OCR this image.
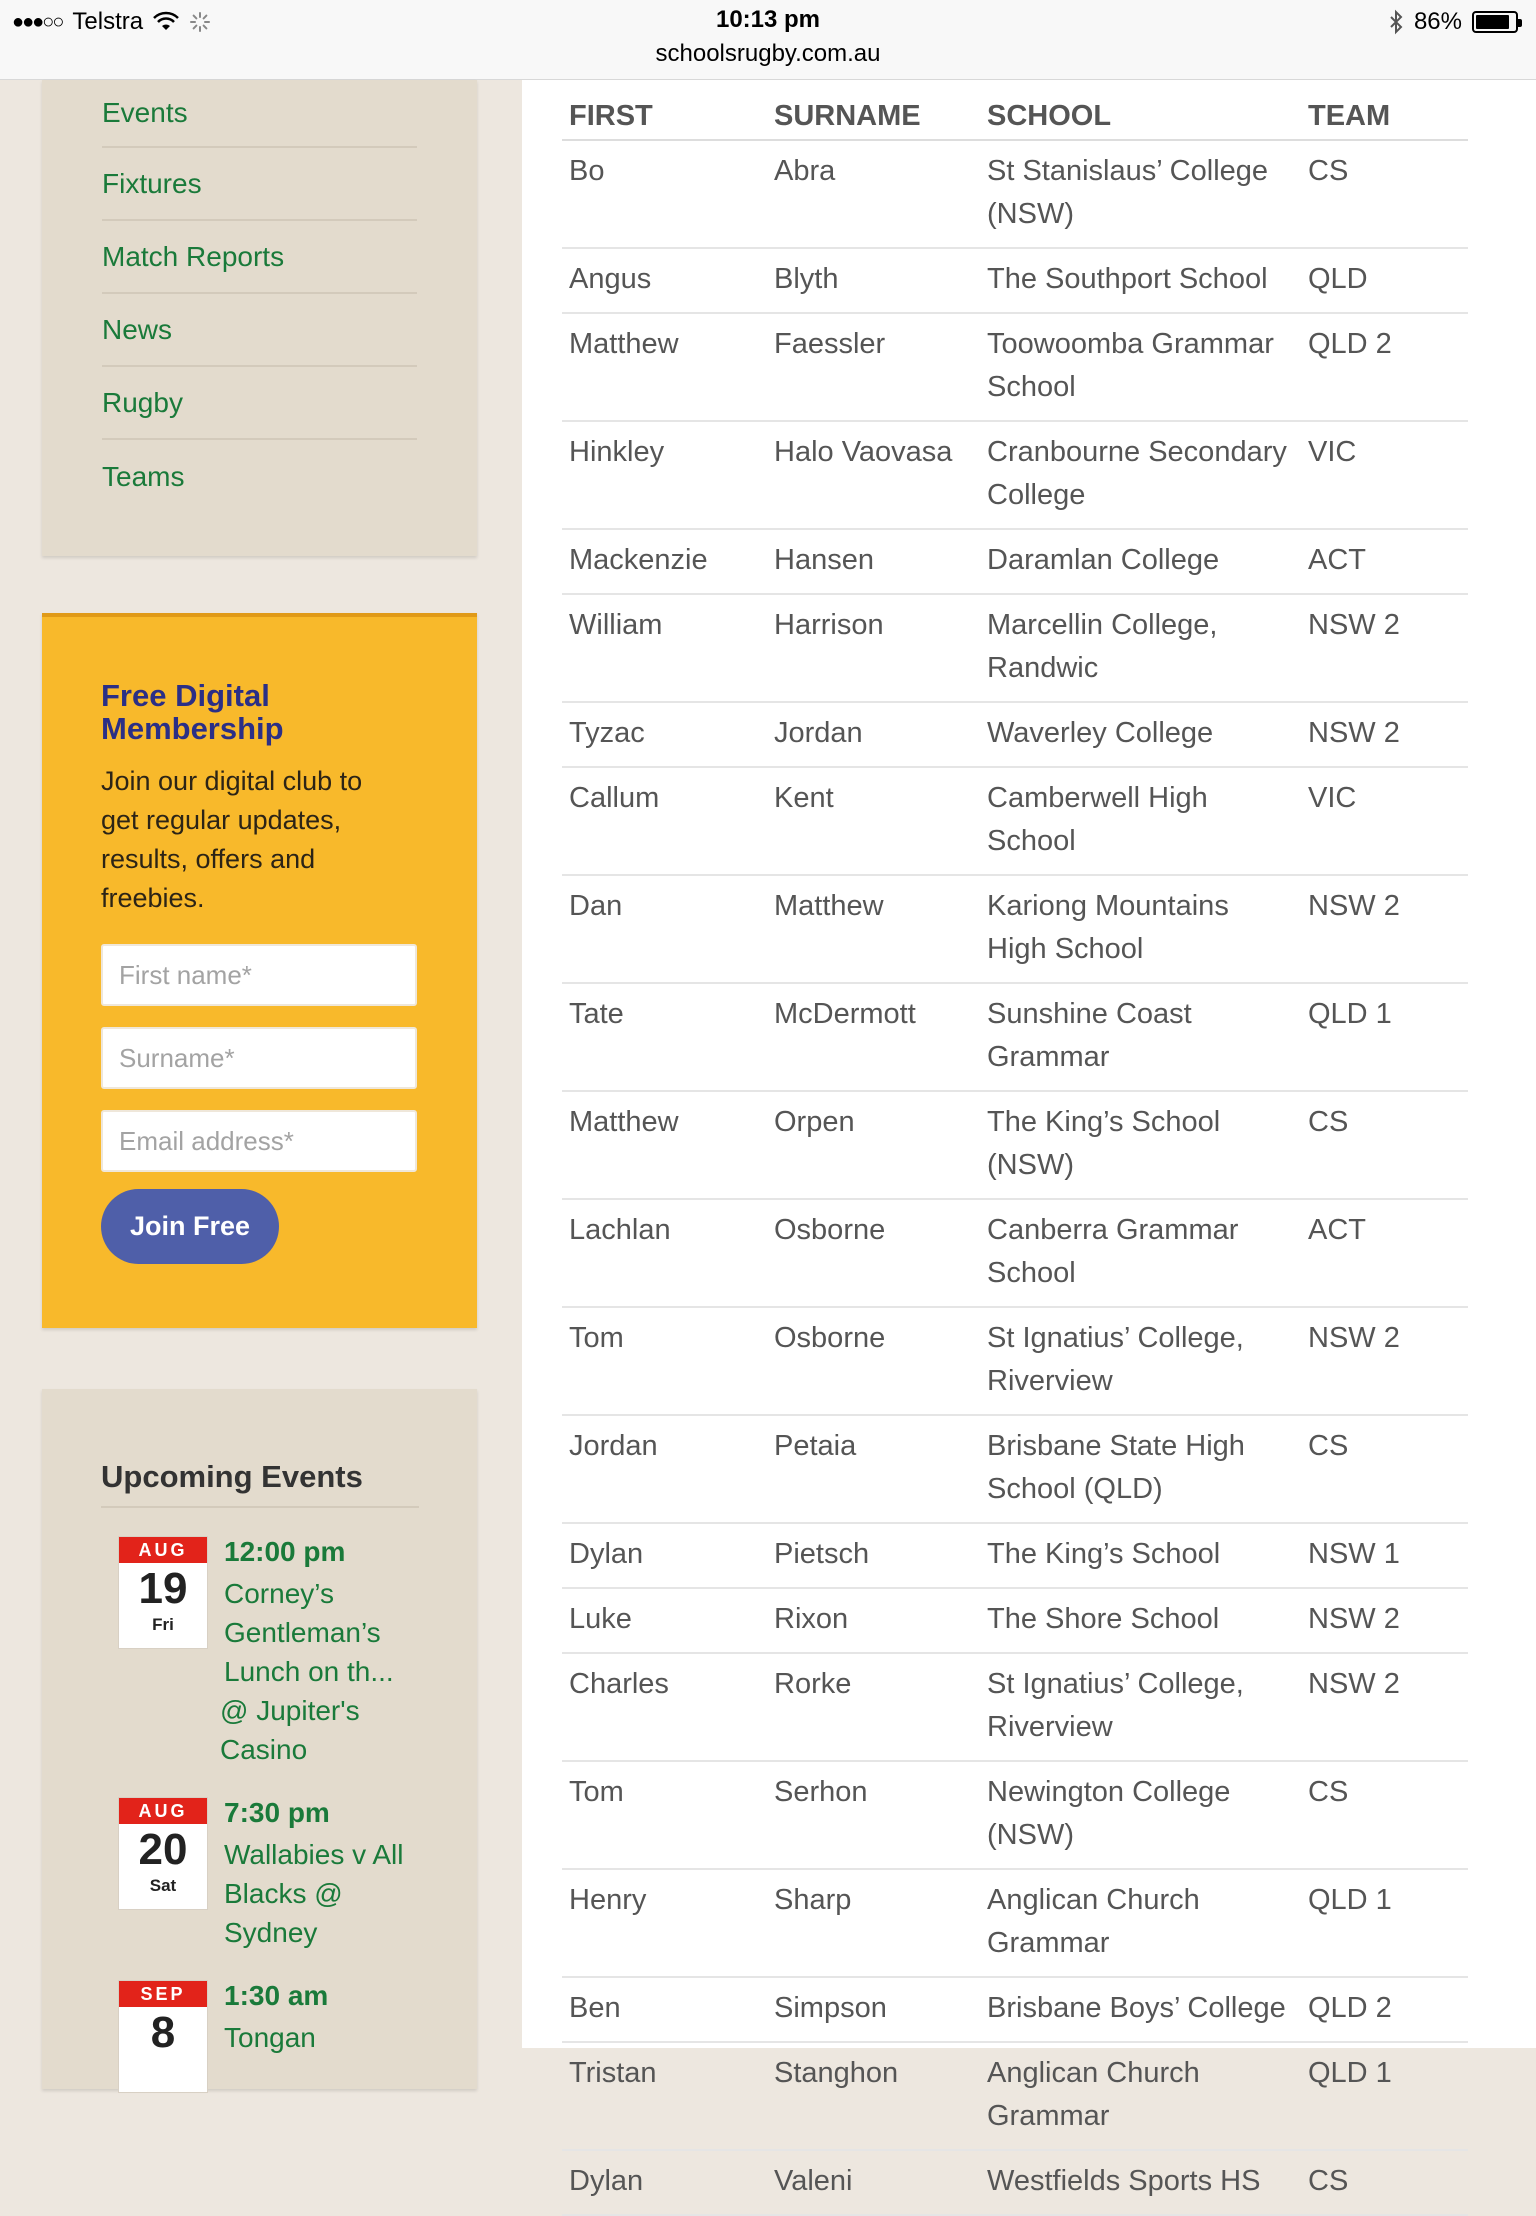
●●●○○ Telstra	10:13 pm
schoolsrugby.com.au
86%
Events
Fixtures
Match Reports
News
Rugby
Teams
Free Digital Membership
Join our digital club to get regular updates, results, offers and freebies.
First name*
Surname*
Email address*
Join Free
Upcoming Events
AUG
19
Fri
12:00 pm
Corney’s Gentleman’s Lunch on th...
@ Jupiter's Casino
AUG
20
Sat
7:30 pm
Wallabies v All Blacks @ Sydney
SEP
8
1:30 am
Tongan
FIRST	SURNAME	SCHOOL	TEAM
Bo	Abra	St Stanislaus’ College (NSW)	CS
Angus	Blyth	The Southport School	QLD
Matthew	Faessler	Toowoomba Grammar School	QLD 2
Hinkley	Halo Vaovasa	Cranbourne Secondary College	VIC
Mackenzie	Hansen	Daramlan College	ACT
William	Harrison	Marcellin College, Randwic	NSW 2
Tyzac	Jordan	Waverley College	NSW 2
Callum	Kent	Camberwell High School	VIC
Dan	Matthew	Kariong Mountains High School	NSW 2
Tate	McDermott	Sunshine Coast Grammar	QLD 1
Matthew	Orpen	The King’s School (NSW)	CS
Lachlan	Osborne	Canberra Grammar School	ACT
Tom	Osborne	St Ignatius’ College, Riverview	NSW 2
Jordan	Petaia	Brisbane State High School (QLD)	CS
Dylan	Pietsch	The King’s School	NSW 1
Luke	Rixon	The Shore School	NSW 2
Charles	Rorke	St Ignatius’ College, Riverview	NSW 2
Tom	Serhon	Newington College (NSW)	CS
Henry	Sharp	Anglican Church Grammar	QLD 1
Ben	Simpson	Brisbane Boys’ College	QLD 2
Tristan	Stanghon	Anglican Church Grammar	QLD 1
Dylan	Valeni	Westfields Sports HS	CS
